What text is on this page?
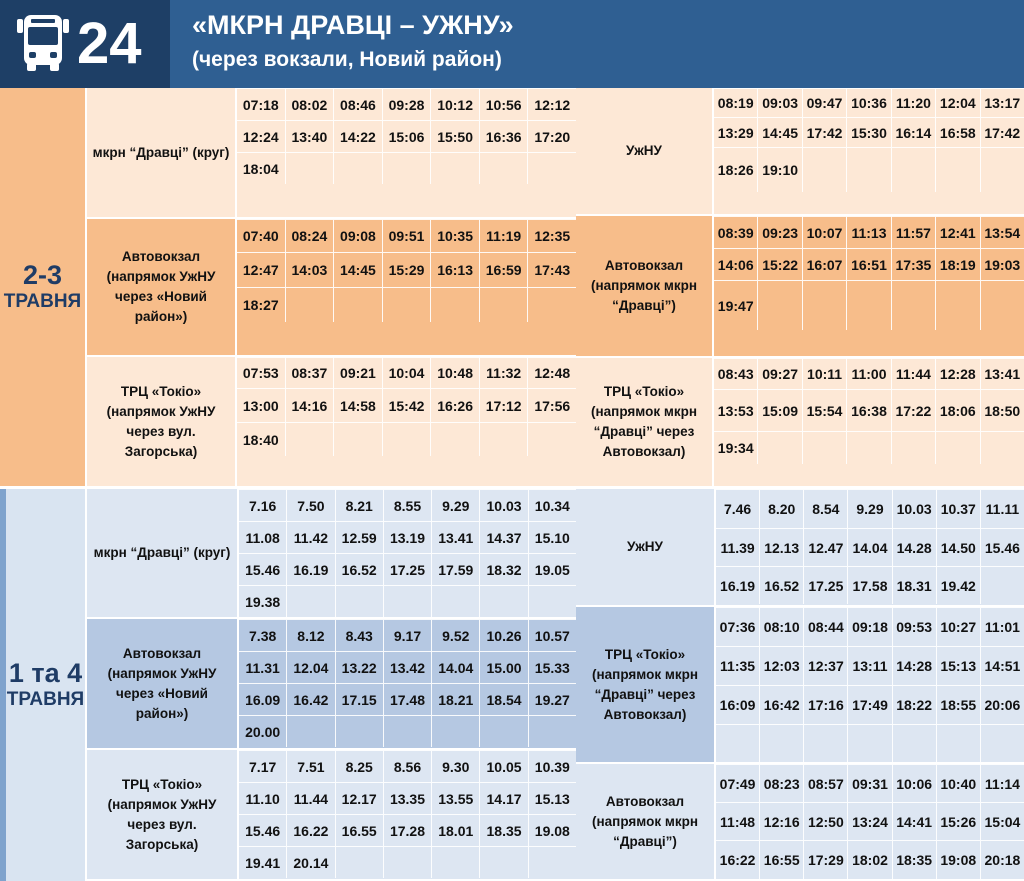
24 «МКРН ДРАВЦІ – УЖНУ»
(через вокзали, Новий район)
2-3
ТРАВНЯ
1 та 4
ТРАВНЯ
мкрн “Дравці” (круг)
07:18 08:02 08:46 09:28 10:12 10:56 12:12
12:24 13:40 14:22 15:06 15:50 16:36 17:20
18:04
Автовокзал (напрямок УжНУ через «Новий район»)
07:40 08:24 09:08 09:51 10:35 11:19 12:35
12:47 14:03 14:45 15:29 16:13 16:59 17:43
18:27
ТРЦ «Токіо» (напрямок УжНУ через вул. Загорська)
07:53 08:37 09:21 10:04 10:48 11:32 12:48
13:00 14:16 14:58 15:42 16:26 17:12 17:56
18:40
УжНУ
08:19 09:03 09:47 10:36 11:20 12:04 13:17
13:29 14:45 17:42 15:30 16:14 16:58 17:42
18:26 19:10
Автовокзал (напрямок мкрн “Дравці”)
08:39 09:23 10:07 11:13 11:57 12:41 13:54
14:06 15:22 16:07 16:51 17:35 18:19 19:03
19:47
ТРЦ «Токіо» (напрямок мкрн “Дравці” через Автовокзал)
08:43 09:27 10:11 11:00 11:44 12:28 13:41
13:53 15:09 15:54 16:38 17:22 18:06 18:50
19:34
мкрн “Дравці” (круг)
7.16	7.50	8.21	8.55	9.29	10.03 10.34
11.08	11.42 12.59 13.19 13.41 14.37 15.10
15.46 16.19 16.52 17.25 17.59 18.32 19.05
19.38
Автовокзал (напрямок УжНУ через «Новий район»)
7.38	8.12	8.43	9.17	9.52	10.26 10.57
11.31 12.04 13.22 13.42 14.04 15.00 15.33
16.09 16.42 17.15 17.48 18.21 18.54 19.27
20.00
ТРЦ «Токіо» (напрямок УжНУ через вул. Загорська)
7.17	7.51	8.25	8.56	9.30	10.05 10.39
11.10	11.44 12.17 13.35 13.55 14.17 15.13
15.46 16.22 16.55 17.28 18.01 18.35 19.08
19.41 20.14
УжНУ
7.46	8.20	8.54	9.29 10.03 10.37 11.11
11.39 12.13 12.47 14.04 14.28 14.50 15.46
16.19 16.52 17.25 17.58 18.31 19.42
ТРЦ «Токіо» (напрямок мкрн “Дравці” через Автовокзал)
07:36 08:10 08:44 09:18 09:53 10:27 11:01
11:35 12:03 12:37 13:11 14:28 15:13 14:51
16:09 16:42 17:16 17:49 18:22 18:55 20:06
Автовокзал (напрямок мкрн “Дравці”)
07:49 08:23 08:57 09:31 10:06 10:40 11:14
11:48 12:16 12:50 13:24 14:41 15:26 15:04
16:22 16:55 17:29 18:02 18:35 19:08 20:18
